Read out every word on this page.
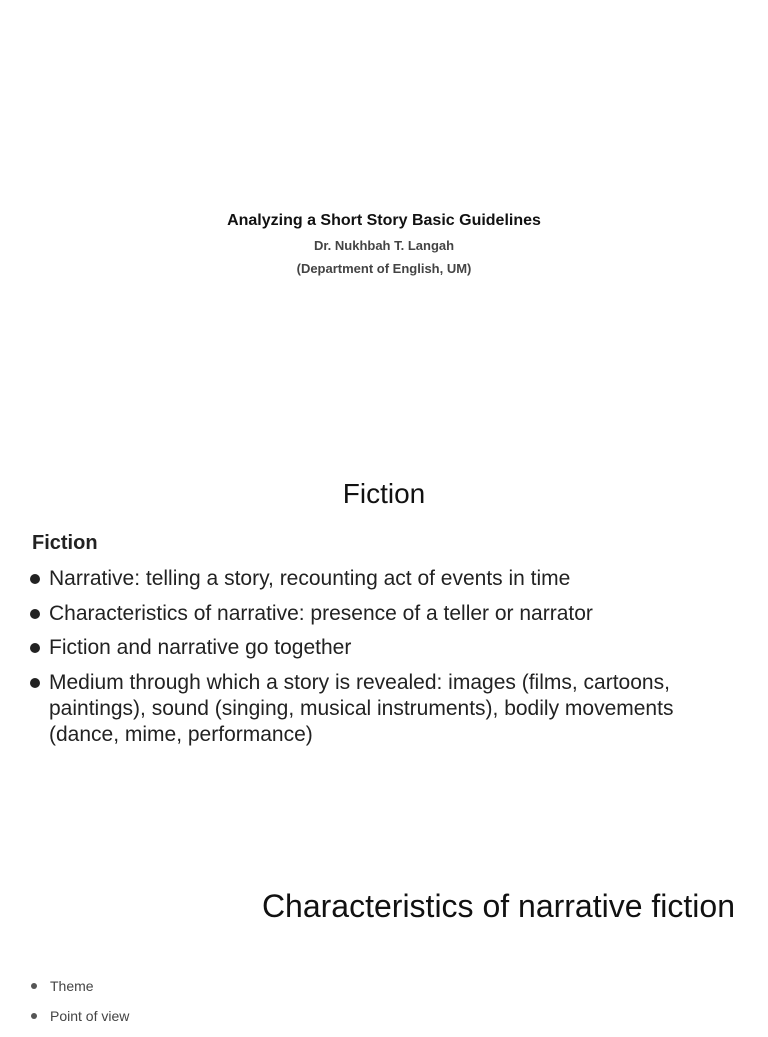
Analyzing a Short Story Basic Guidelines
Dr. Nukhbah T. Langah
(Department of English, UM)
Fiction
Fiction
Narrative: telling a story, recounting act of events in time
Characteristics of narrative: presence of a teller or narrator
Fiction and narrative go together
Medium through which a story is revealed: images (films, cartoons, paintings), sound (singing, musical instruments), bodily movements (dance, mime, performance)
Characteristics of narrative fiction
Theme
Point of view
